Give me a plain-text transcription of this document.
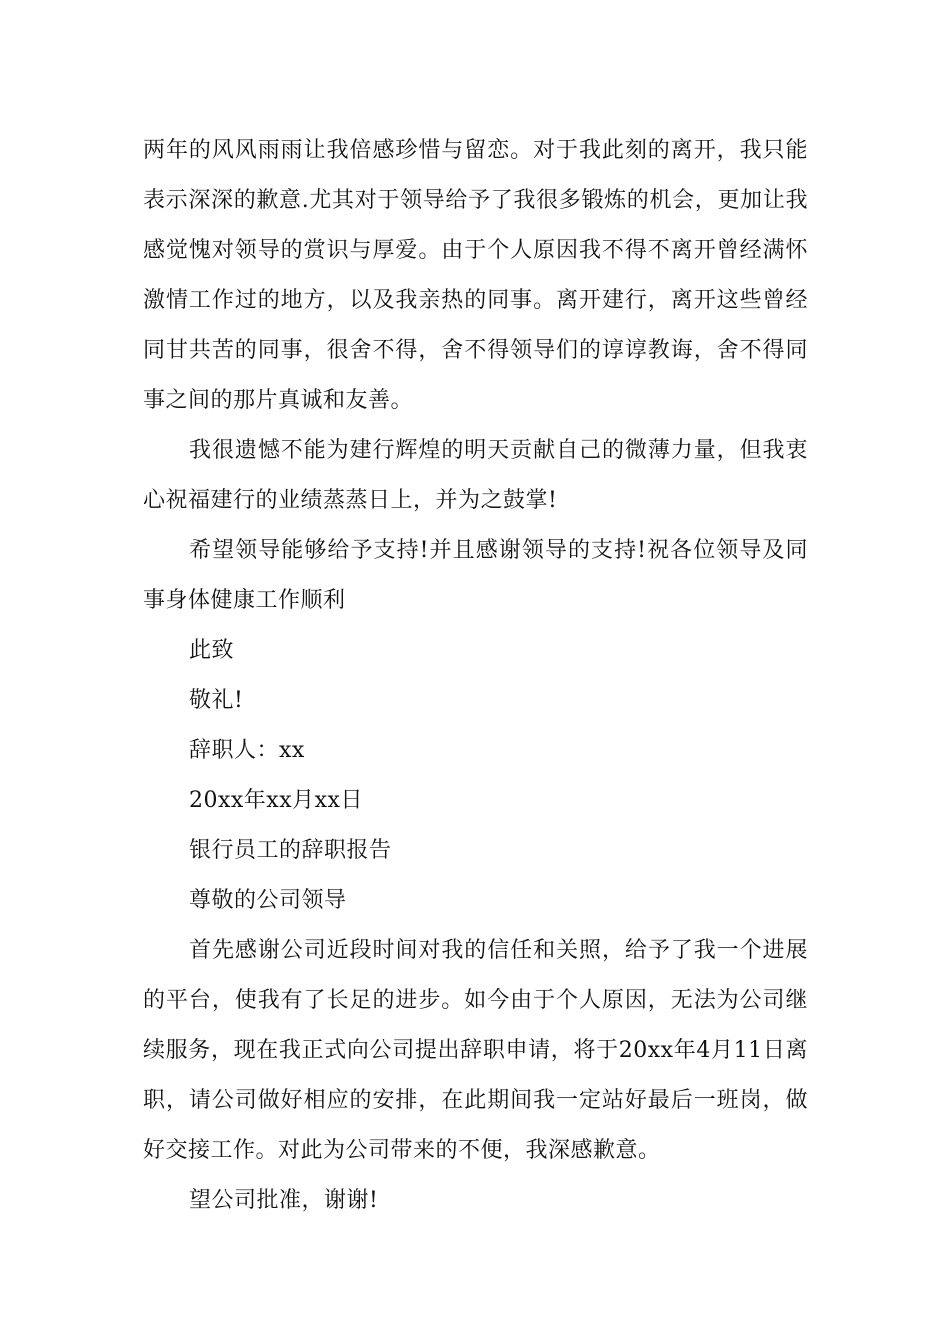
两年的风风雨雨让我倍感珍惜与留恋。对于我此刻的离开，我只能表示深深的歉意.尤其对于领导给予了我很多锻炼的机会，更加让我感觉愧对领导的赏识与厚爱。由于个人原因我不得不离开曾经满怀激情工作过的地方，以及我亲热的同事。离开建行，离开这些曾经同甘共苦的同事，很舍不得，舍不得领导们的谆谆教诲，舍不得同事之间的那片真诚和友善。

我很遗憾不能为建行辉煌的明天贡献自己的微薄力量，但我衷心祝福建行的业绩蒸蒸日上，并为之鼓掌!

希望领导能够给予支持!并且感谢领导的支持!祝各位领导及同事身体健康工作顺利

此致

敬礼!

辞职人：xx

20xx年xx月xx日

银行员工的辞职报告

尊敬的公司领导

首先感谢公司近段时间对我的信任和关照，给予了我一个进展的平台，使我有了长足的进步。如今由于个人原因，无法为公司继续服务，现在我正式向公司提出辞职申请，将于20xx年4月11日离职，请公司做好相应的安排，在此期间我一定站好最后一班岗，做好交接工作。对此为公司带来的不便，我深感歉意。

望公司批准，谢谢!
